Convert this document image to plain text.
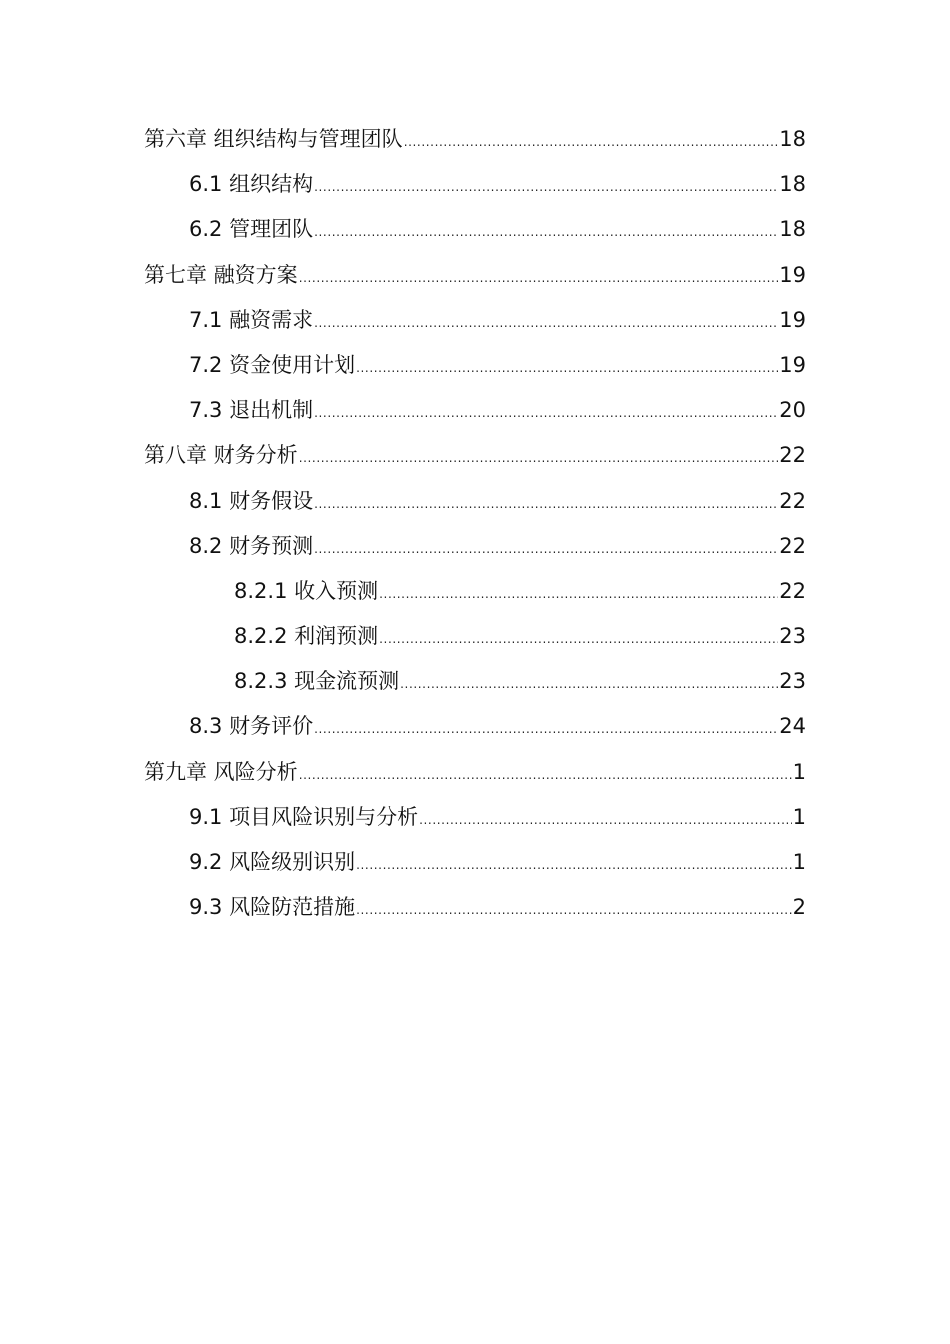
第六章 组织结构与管理团队 .....	18
6.1 组织结构 .....	18
6.2 管理团队 .....	18
第七章 融资方案 .....	19
7.1 融资需求 .....	19
7.2 资金使用计划 .....	19
7.3 退出机制 .....	20
第八章 财务分析 .....	22
8.1 财务假设 .....	22
8.2 财务预测 .....	22
8.2.1 收入预测 .....	22
8.2.2 利润预测 .....	23
8.2.3 现金流预测 .....	23
8.3 财务评价 .....	24
第九章 风险分析 .....	1
9.1 项目风险识别与分析 .....	1
9.2 风险级别识别 .....	1
9.3 风险防范措施 .....	2
